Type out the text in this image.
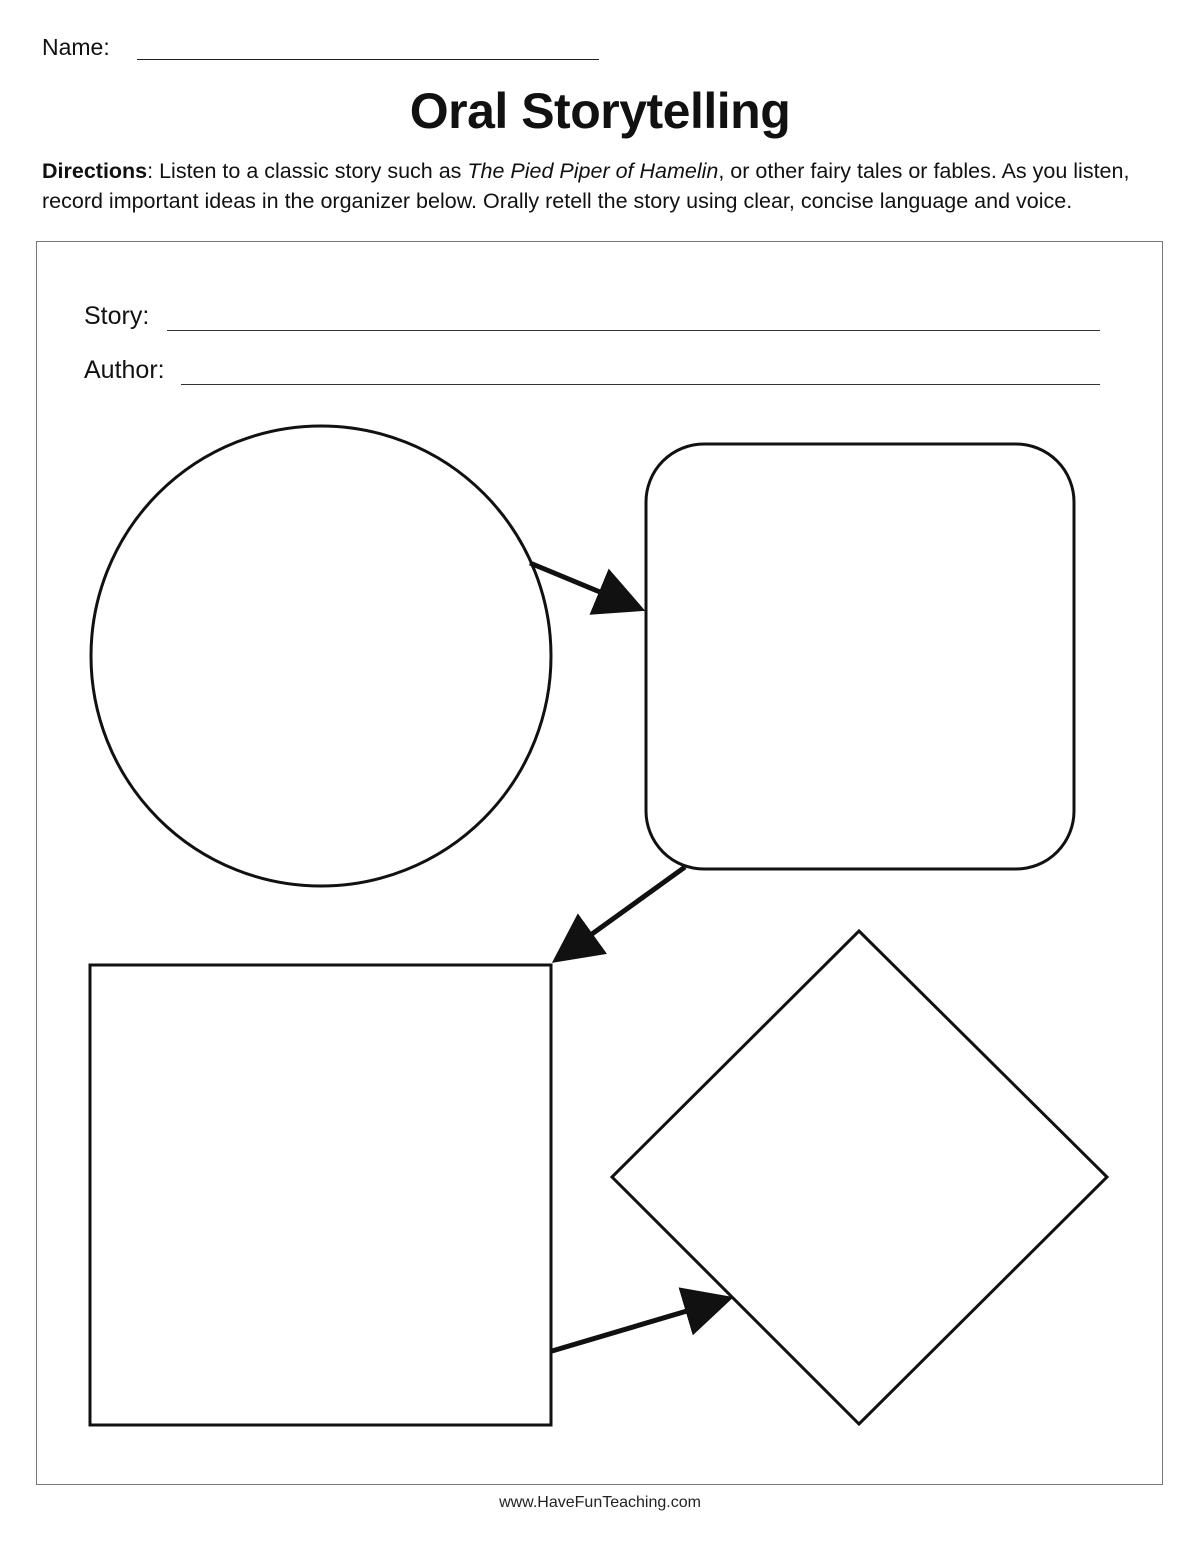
Name:
Oral Storytelling
Directions: Listen to a classic story such as The Pied Piper of Hamelin, or other fairy tales or fables. As you listen, record important ideas in the organizer below. Orally retell the story using clear, concise language and voice.
Story:
Author:
www.HaveFunTeaching.com
